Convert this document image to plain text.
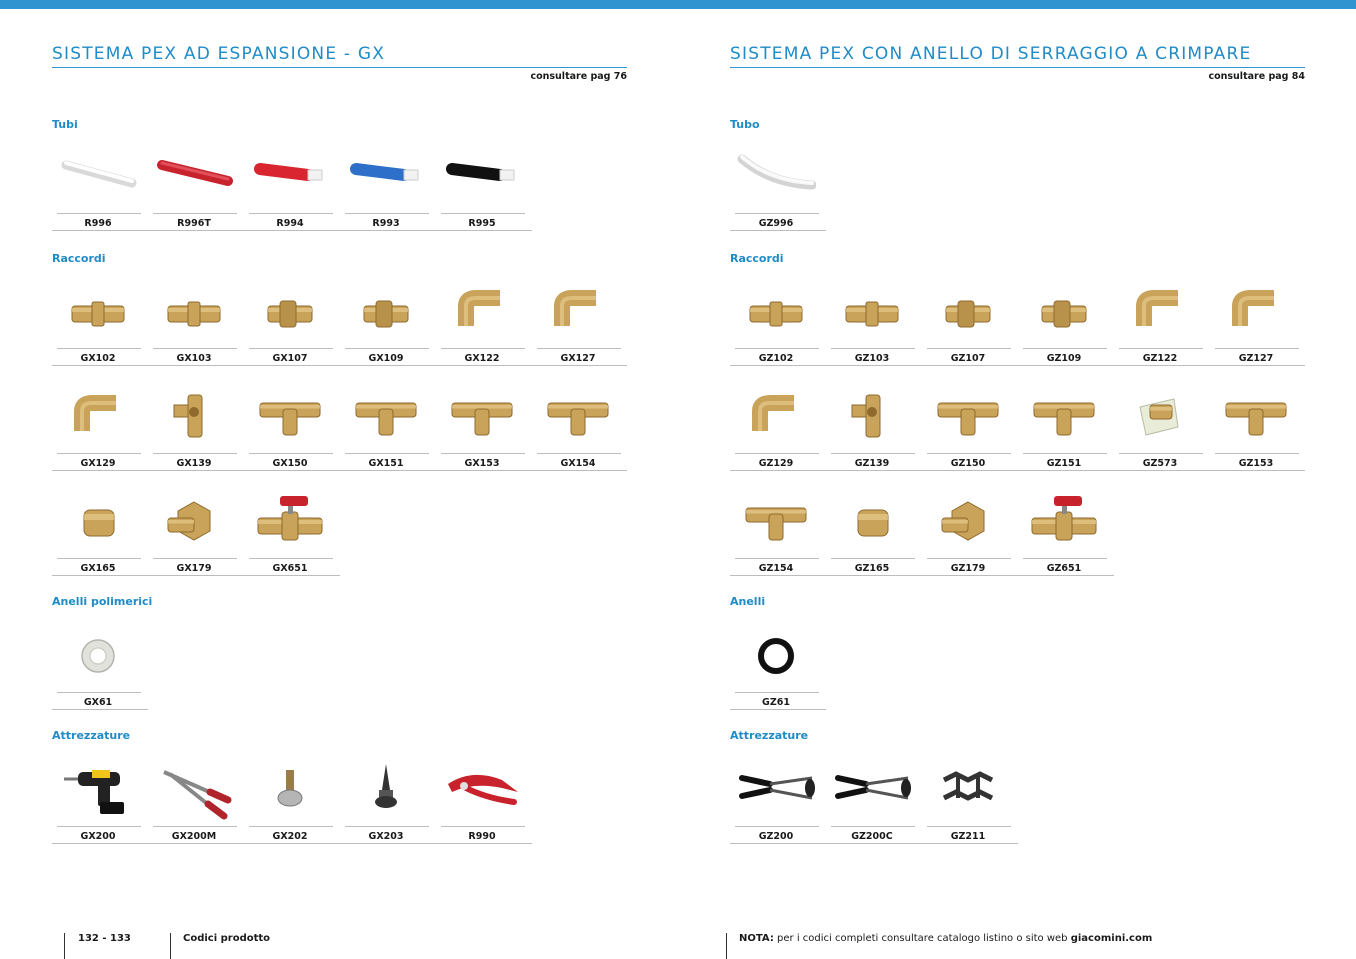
SISTEMA PEX AD ESPANSIONE - GX
consultare pag 76
Tubi
R996	R996T	R994	R993	R995
Raccordi
GX102	GX103	GX107	GX109	GX122	GX127
GX129	GX139	GX150	GX151	GX153	GX154
GX165	GX179	GX651
Anelli polimerici
GX61
Attrezzature
GX200	GX200M	GX202	GX203	R990
SISTEMA PEX CON ANELLO DI SERRAGGIO A CRIMPARE
consultare pag 84
Tubo
GZ996
Raccordi
GZ102	GZ103	GZ107	GZ109	GZ122	GZ127
GZ129	GZ139	GZ150	GZ151	GZ573	GZ153
GZ154	GZ165	GZ179	GZ651
Anelli
GZ61
Attrezzature
GZ200	GZ200C	GZ211
132 - 133	Codici prodotto	NOTA: per i codici completi consultare catalogo listino o sito web giacomini.com
